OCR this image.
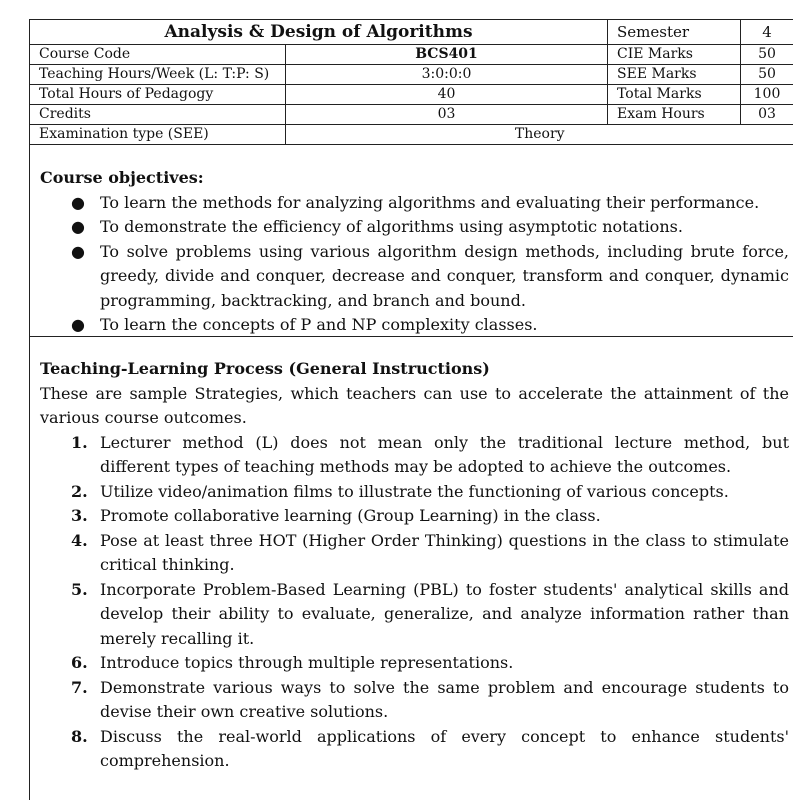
Analysis & Design of Algorithms		Semester	4
Course Code	BCS401	CIE Marks	50
Teaching Hours/Week (L: T:P: S)	3:0:0:0	SEE Marks	50
Total Hours of Pedagogy	40	Total Marks	100
Credits	03	Exam Hours	03
Examination type (SEE)	Theory		
Course objectives:
● To learn the methods for analyzing algorithms and evaluating their performance.
● To demonstrate the efficiency of algorithms using asymptotic notations.
● To solve problems using various algorithm design methods, including brute force, greedy, divide and conquer, decrease and conquer, transform and conquer, dynamic programming, backtracking, and branch and bound.
● To learn the concepts of P and NP complexity classes.
Teaching-Learning Process (General Instructions)

These are sample Strategies, which teachers can use to accelerate the attainment of the various course outcomes.

1. Lecturer method (L) does not mean only the traditional lecture method, but different types of teaching methods may be adopted to achieve the outcomes.
2. Utilize video/animation films to illustrate the functioning of various concepts.
3. Promote collaborative learning (Group Learning) in the class.
4. Pose at least three HOT (Higher Order Thinking) questions in the class to stimulate critical thinking.
5. Incorporate Problem-Based Learning (PBL) to foster students' analytical skills and develop their ability to evaluate, generalize, and analyze information rather than merely recalling it.
6. Introduce topics through multiple representations.
7. Demonstrate various ways to solve the same problem and encourage students to devise their own creative solutions.
8. Discuss the real-world applications of every concept to enhance students' comprehension.
